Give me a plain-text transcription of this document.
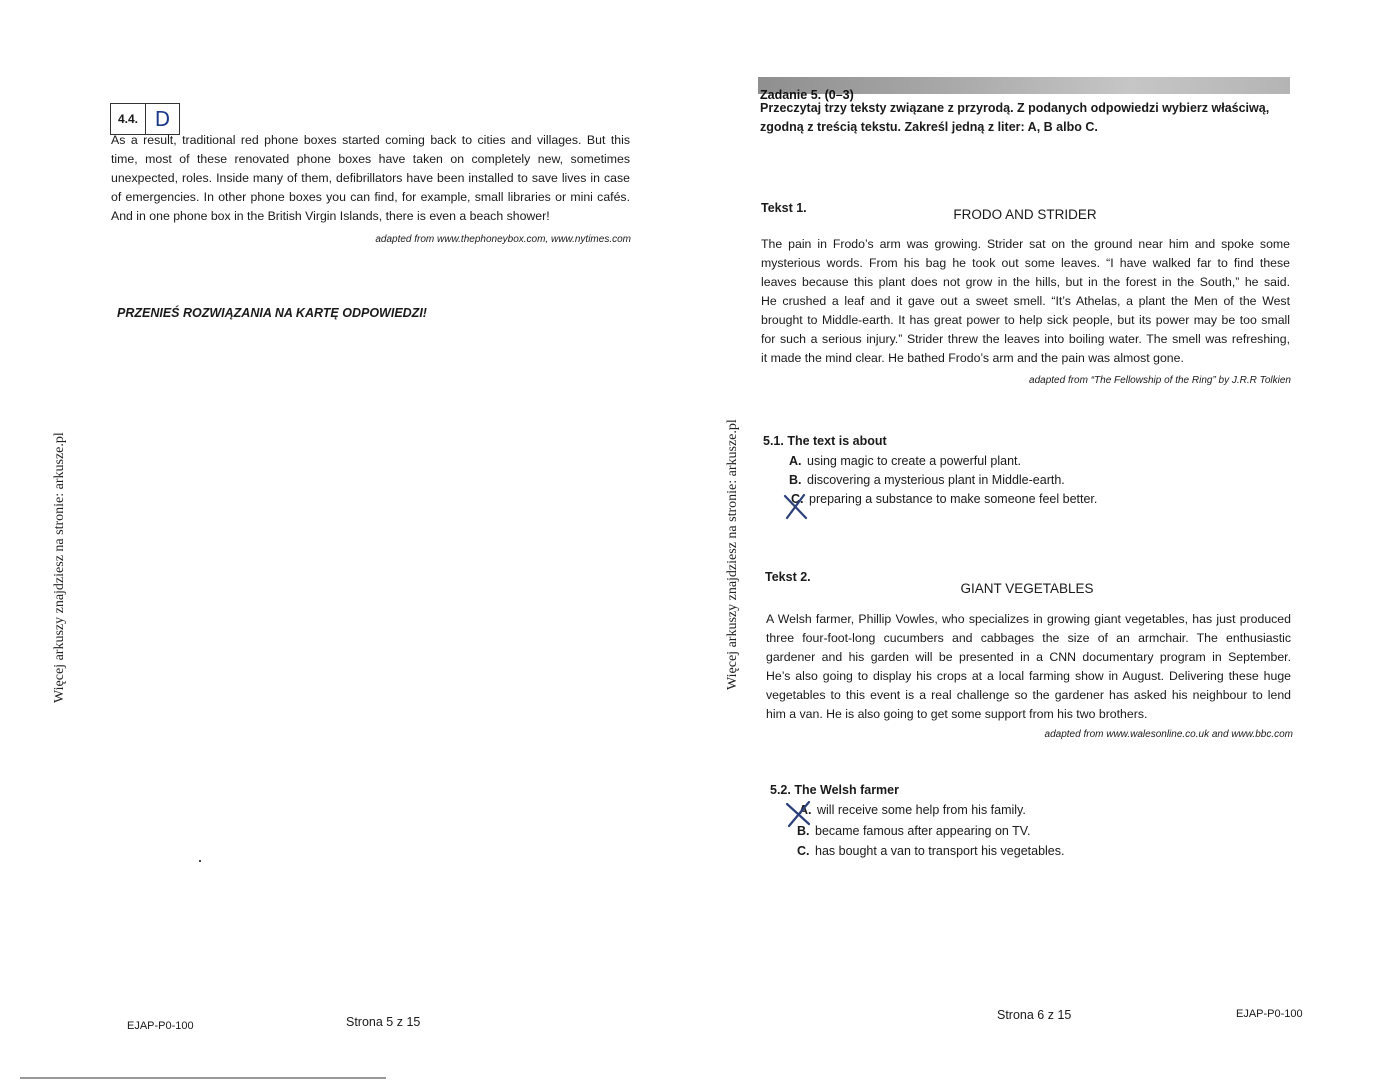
Więcej arkuszy znajdziesz na stronie: arkusze.pl	Więcej arkuszy znajdziesz na stronie: arkusze.pl
4.4. D
As a result, traditional red phone boxes started coming back to cities and villages. But this
time, most of these renovated phone boxes have taken on completely new, sometimes
unexpected, roles. Inside many of them, defibrillators have been installed to save lives in case
of emergencies. In other phone boxes you can find, for example, small libraries or mini cafés.
And in one phone box in the British Virgin Islands, there is even a beach shower!
adapted from www.thephoneybox.com, www.nytimes.com
PRZENIEŚ ROZWIĄZANIA NA KARTĘ ODPOWIEDZI!
EJAP-P0-100	Strona 5 z 15
Zadanie 5. (0–3)
Przeczytaj trzy teksty związane z przyrodą. Z podanych odpowiedzi wybierz właściwą,
zgodną z treścią tekstu. Zakreśl jedną z liter: A, B albo C.
Tekst 1.	FRODO AND STRIDER
The pain in Frodo’s arm was growing. Strider sat on the ground near him and spoke some
mysterious words. From his bag he took out some leaves. “I have walked far to find these
leaves because this plant does not grow in the hills, but in the forest in the South,” he said.
He crushed a leaf and it gave out a sweet smell. “It’s Athelas, a plant the Men of the West
brought to Middle-earth. It has great power to help sick people, but its power may be too small
for such a serious injury.” Strider threw the leaves into boiling water. The smell was refreshing,
it made the mind clear. He bathed Frodo’s arm and the pain was almost gone.
adapted from “The Fellowship of the Ring” by J.R.R Tolkien
5.1. The text is about
A. using magic to create a powerful plant.
B. discovering a mysterious plant in Middle-earth.
C. preparing a substance to make someone feel better.
Tekst 2.
GIANT VEGETABLES
A Welsh farmer, Phillip Vowles, who specializes in growing giant vegetables, has just produced
three four-foot-long cucumbers and cabbages the size of an armchair. The enthusiastic
gardener and his garden will be presented in a CNN documentary program in September.
He’s also going to display his crops at a local farming show in August. Delivering these huge
vegetables to this event is a real challenge so the gardener has asked his neighbour to lend
him a van. He is also going to get some support from his two brothers.
adapted from www.walesonline.co.uk and www.bbc.com
5.2. The Welsh farmer
A. will receive some help from his family.
B. became famous after appearing on TV.
C. has bought a van to transport his vegetables.
Strona 6 z 15	EJAP-P0-100
